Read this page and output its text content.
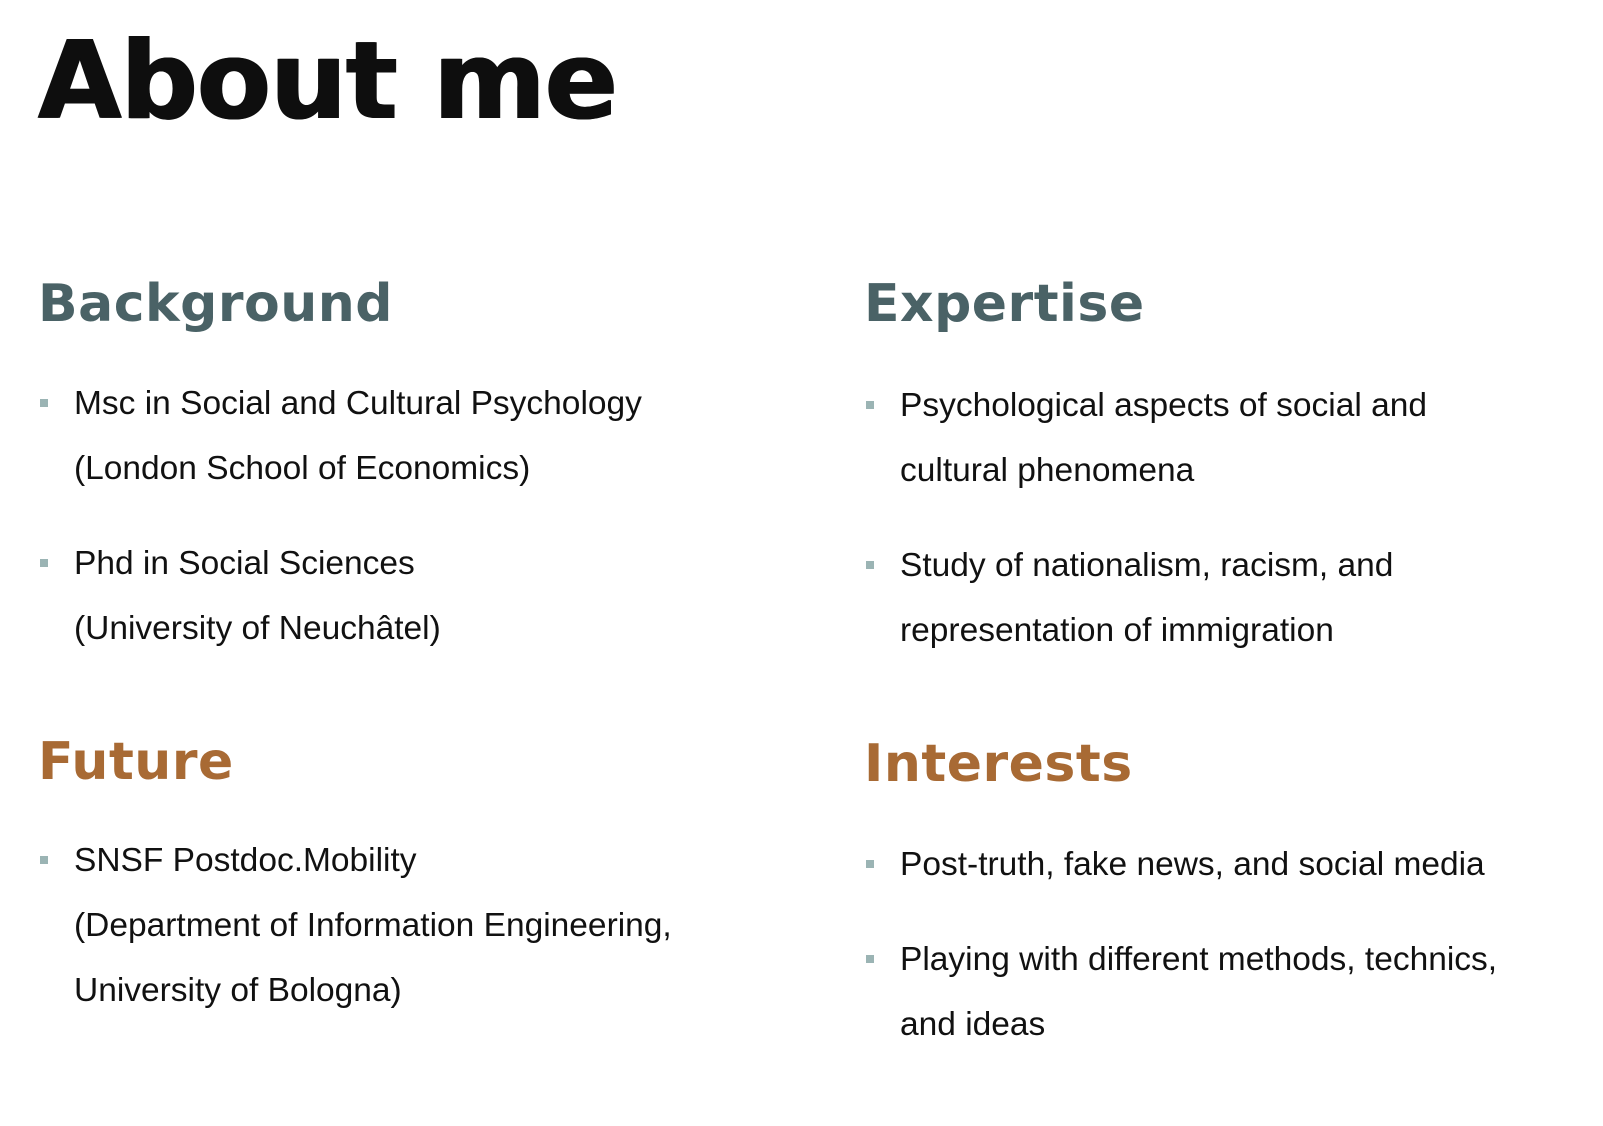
About me
Background
Msc in Social and Cultural Psychology
(London School of Economics)
Phd in Social Sciences
(University of Neuchâtel)
Expertise
Psychological aspects of social and
cultural phenomena
Study of nationalism, racism, and
representation of immigration
Future
SNSF Postdoc.Mobility
(Department of Information Engineering,
University of Bologna)
Interests
Post-truth, fake news, and social media
Playing with different methods, technics,
and ideas
